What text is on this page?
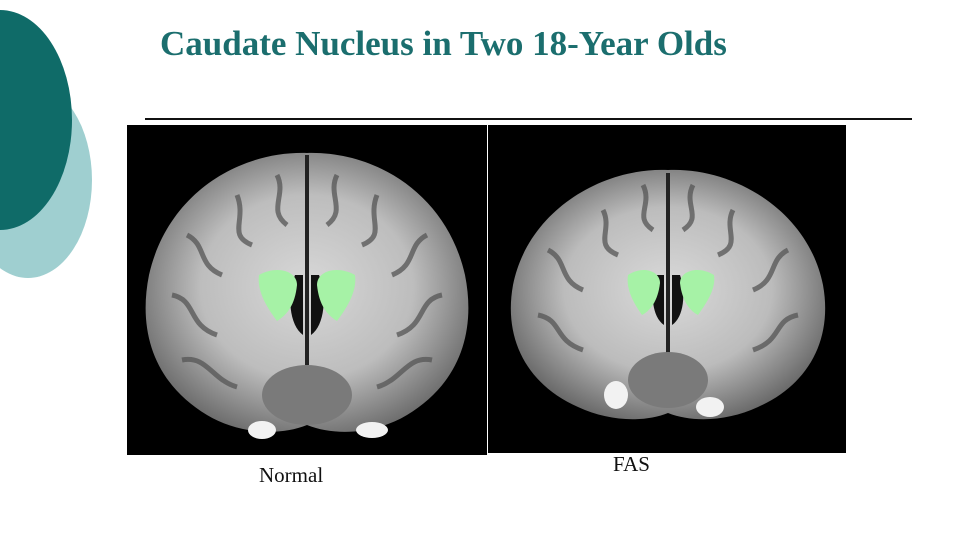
Caudate Nucleus in Two 18-Year Olds
Normal	FAS
